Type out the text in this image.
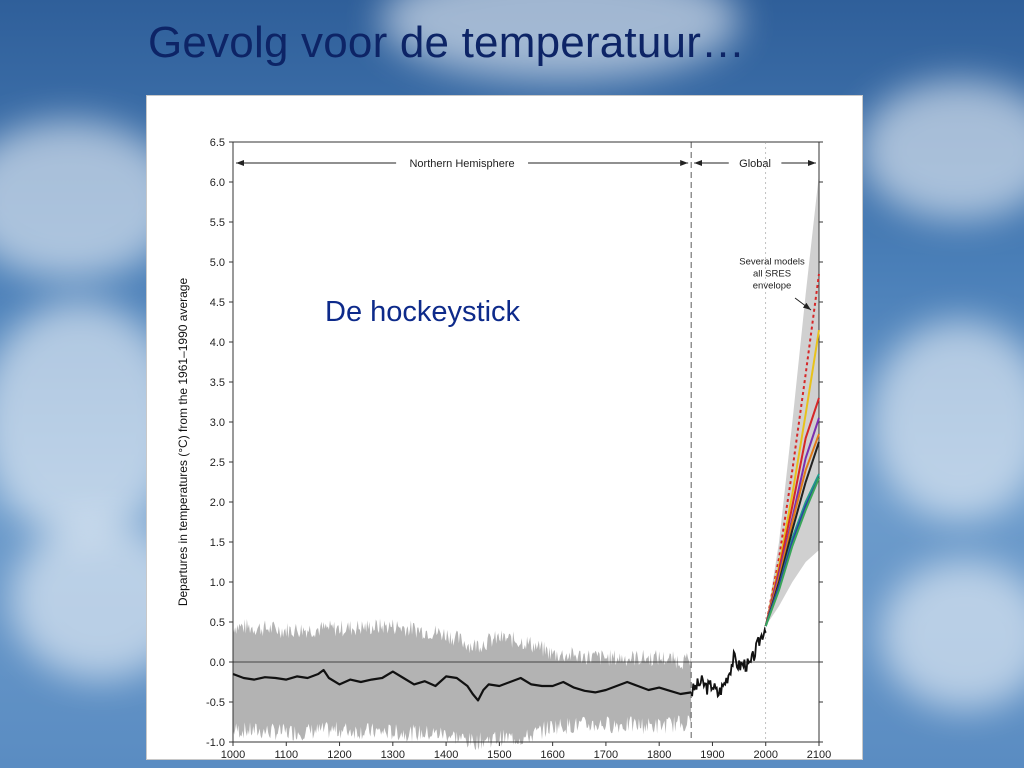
Gevolg voor de temperatuur…
-1.0
-0.5
0.0
0.5
1.0
1.5
2.0
2.5
3.0
3.5
4.0
4.5
5.0
5.5
6.0
6.5
1000	1100	1200	1300	1400	1500	1600	1700	1800	1900	2000	2100
Departures in temperatures (°C) from the 1961–1990 average
Northern Hemisphere	Global
Several models
all SRES
envelope
De hockeystick
